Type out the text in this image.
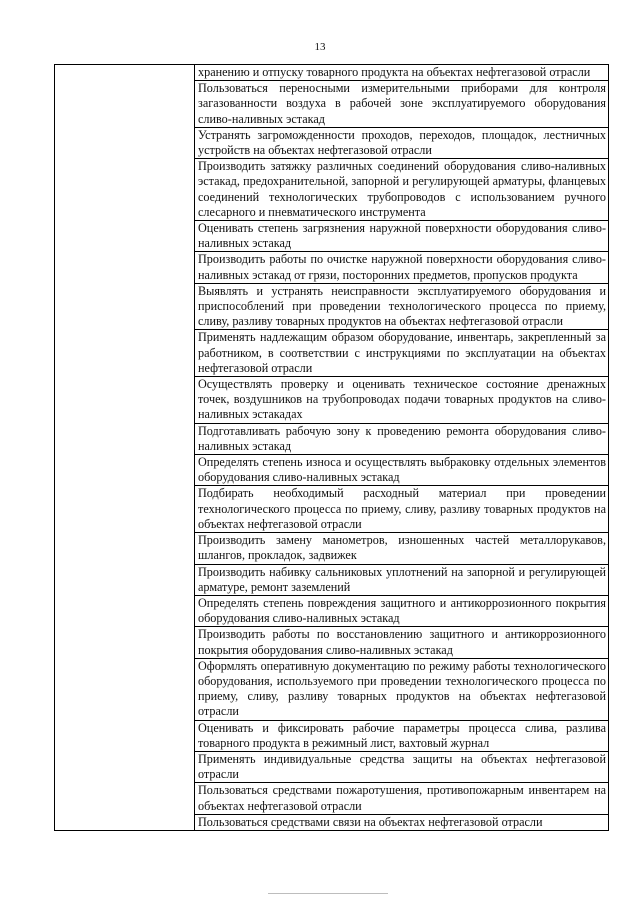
13

хранению и отпуску товарного продукта на объектах нефтегазовой отрасли

Пользоваться переносными измерительными приборами для контроля загазованности воздуха в рабочей зоне эксплуатируемого оборудования сливо-наливных эстакад

Устранять загроможденности проходов, переходов, площадок, лестничных устройств на объектах нефтегазовой отрасли

Производить затяжку различных соединений оборудования сливо-наливных эстакад, предохранительной, запорной и регулирующей арматуры, фланцевых соединений технологических трубопроводов с использованием ручного слесарного и пневматического инструмента

Оценивать степень загрязнения наружной поверхности оборудования сливо-наливных эстакад

Производить работы по очистке наружной поверхности оборудования сливо-наливных эстакад от грязи, посторонних предметов, пропусков продукта

Выявлять и устранять неисправности эксплуатируемого оборудования и приспособлений при проведении технологического процесса по приему, сливу, разливу товарных продуктов на объектах нефтегазовой отрасли

Применять надлежащим образом оборудование, инвентарь, закрепленный за работником, в соответствии с инструкциями по эксплуатации на объектах нефтегазовой отрасли

Осуществлять проверку и оценивать техническое состояние дренажных точек, воздушников на трубопроводах подачи товарных продуктов на сливо-наливных эстакадах

Подготавливать рабочую зону к проведению ремонта оборудования сливо-наливных эстакад

Определять степень износа и осуществлять выбраковку отдельных элементов оборудования сливо-наливных эстакад

Подбирать необходимый расходный материал при проведении технологического процесса по приему, сливу, разливу товарных продуктов на объектах нефтегазовой отрасли

Производить замену манометров, изношенных частей металлорукавов, шлангов, прокладок, задвижек

Производить набивку сальниковых уплотнений на запорной и регулирующей арматуре, ремонт заземлений

Определять степень повреждения защитного и антикоррозионного покрытия оборудования сливо-наливных эстакад

Производить работы по восстановлению защитного и антикоррозионного покрытия оборудования сливо-наливных эстакад

Оформлять оперативную документацию по режиму работы технологического оборудования, используемого при проведении технологического процесса по приему, сливу, разливу товарных продуктов на объектах нефтегазовой отрасли

Оценивать и фиксировать рабочие параметры процесса слива, разлива товарного продукта в режимный лист, вахтовый журнал

Применять индивидуальные средства защиты на объектах нефтегазовой отрасли

Пользоваться средствами пожаротушения, противопожарным инвентарем на объектах нефтегазовой отрасли

Пользоваться средствами связи на объектах нефтегазовой отрасли
